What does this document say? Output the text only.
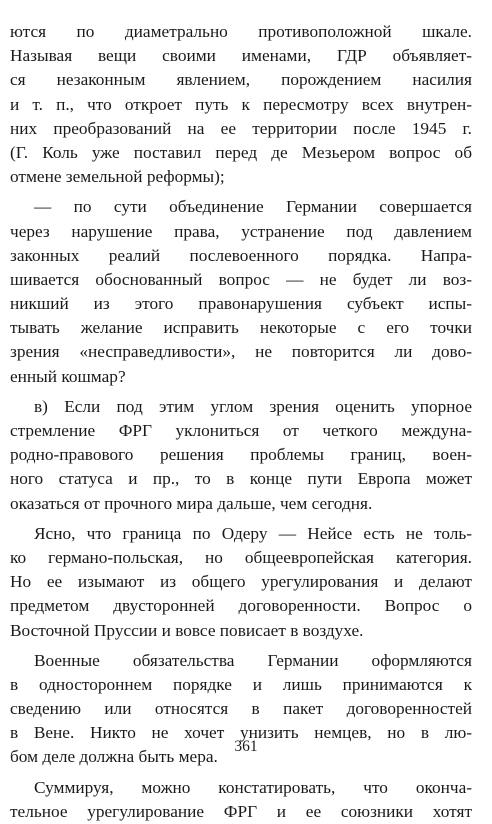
ются по диаметрально противоположной шкале.
Называя вещи своими именами, ГДР объявляет-
ся незаконным явлением, порождением насилия
и т. п., что откроет путь к пересмотру всех внутрен-
них преобразований на ее территории после 1945 г.
(Г. Коль уже поставил перед де Мезьером вопрос об
отмене земельной реформы);
— по сути объединение Германии совершается
через нарушение права, устранение под давлением
законных реалий послевоенного порядка. Напра-
шивается обоснованный вопрос — не будет ли воз-
никший из этого правонарушения субъект испы-
тывать желание исправить некоторые с его точки
зрения «несправедливости», не повторится ли дово-
енный кошмар?
в) Если под этим углом зрения оценить упорное
стремление ФРГ уклониться от четкого междуна-
родно-правового решения проблемы границ, воен-
ного статуса и пр., то в конце пути Европа может
оказаться от прочного мира дальше, чем сегодня.
Ясно, что граница по Одеру — Нейсе есть не толь-
ко германо-польская, но общеевропейская категория.
Но ее изымают из общего урегулирования и делают
предметом двусторонней договоренности. Вопрос о
Восточной Пруссии и вовсе повисает в воздухе.
Военные обязательства Германии оформляются
в одностороннем порядке и лишь принимаются к
сведению или относятся в пакет договоренностей
в Вене. Никто не хочет унизить немцев, но в лю-
бом деле должна быть мера.
Суммируя, можно констатировать, что оконча-
тельное урегулирование ФРГ и ее союзники хотят
361
